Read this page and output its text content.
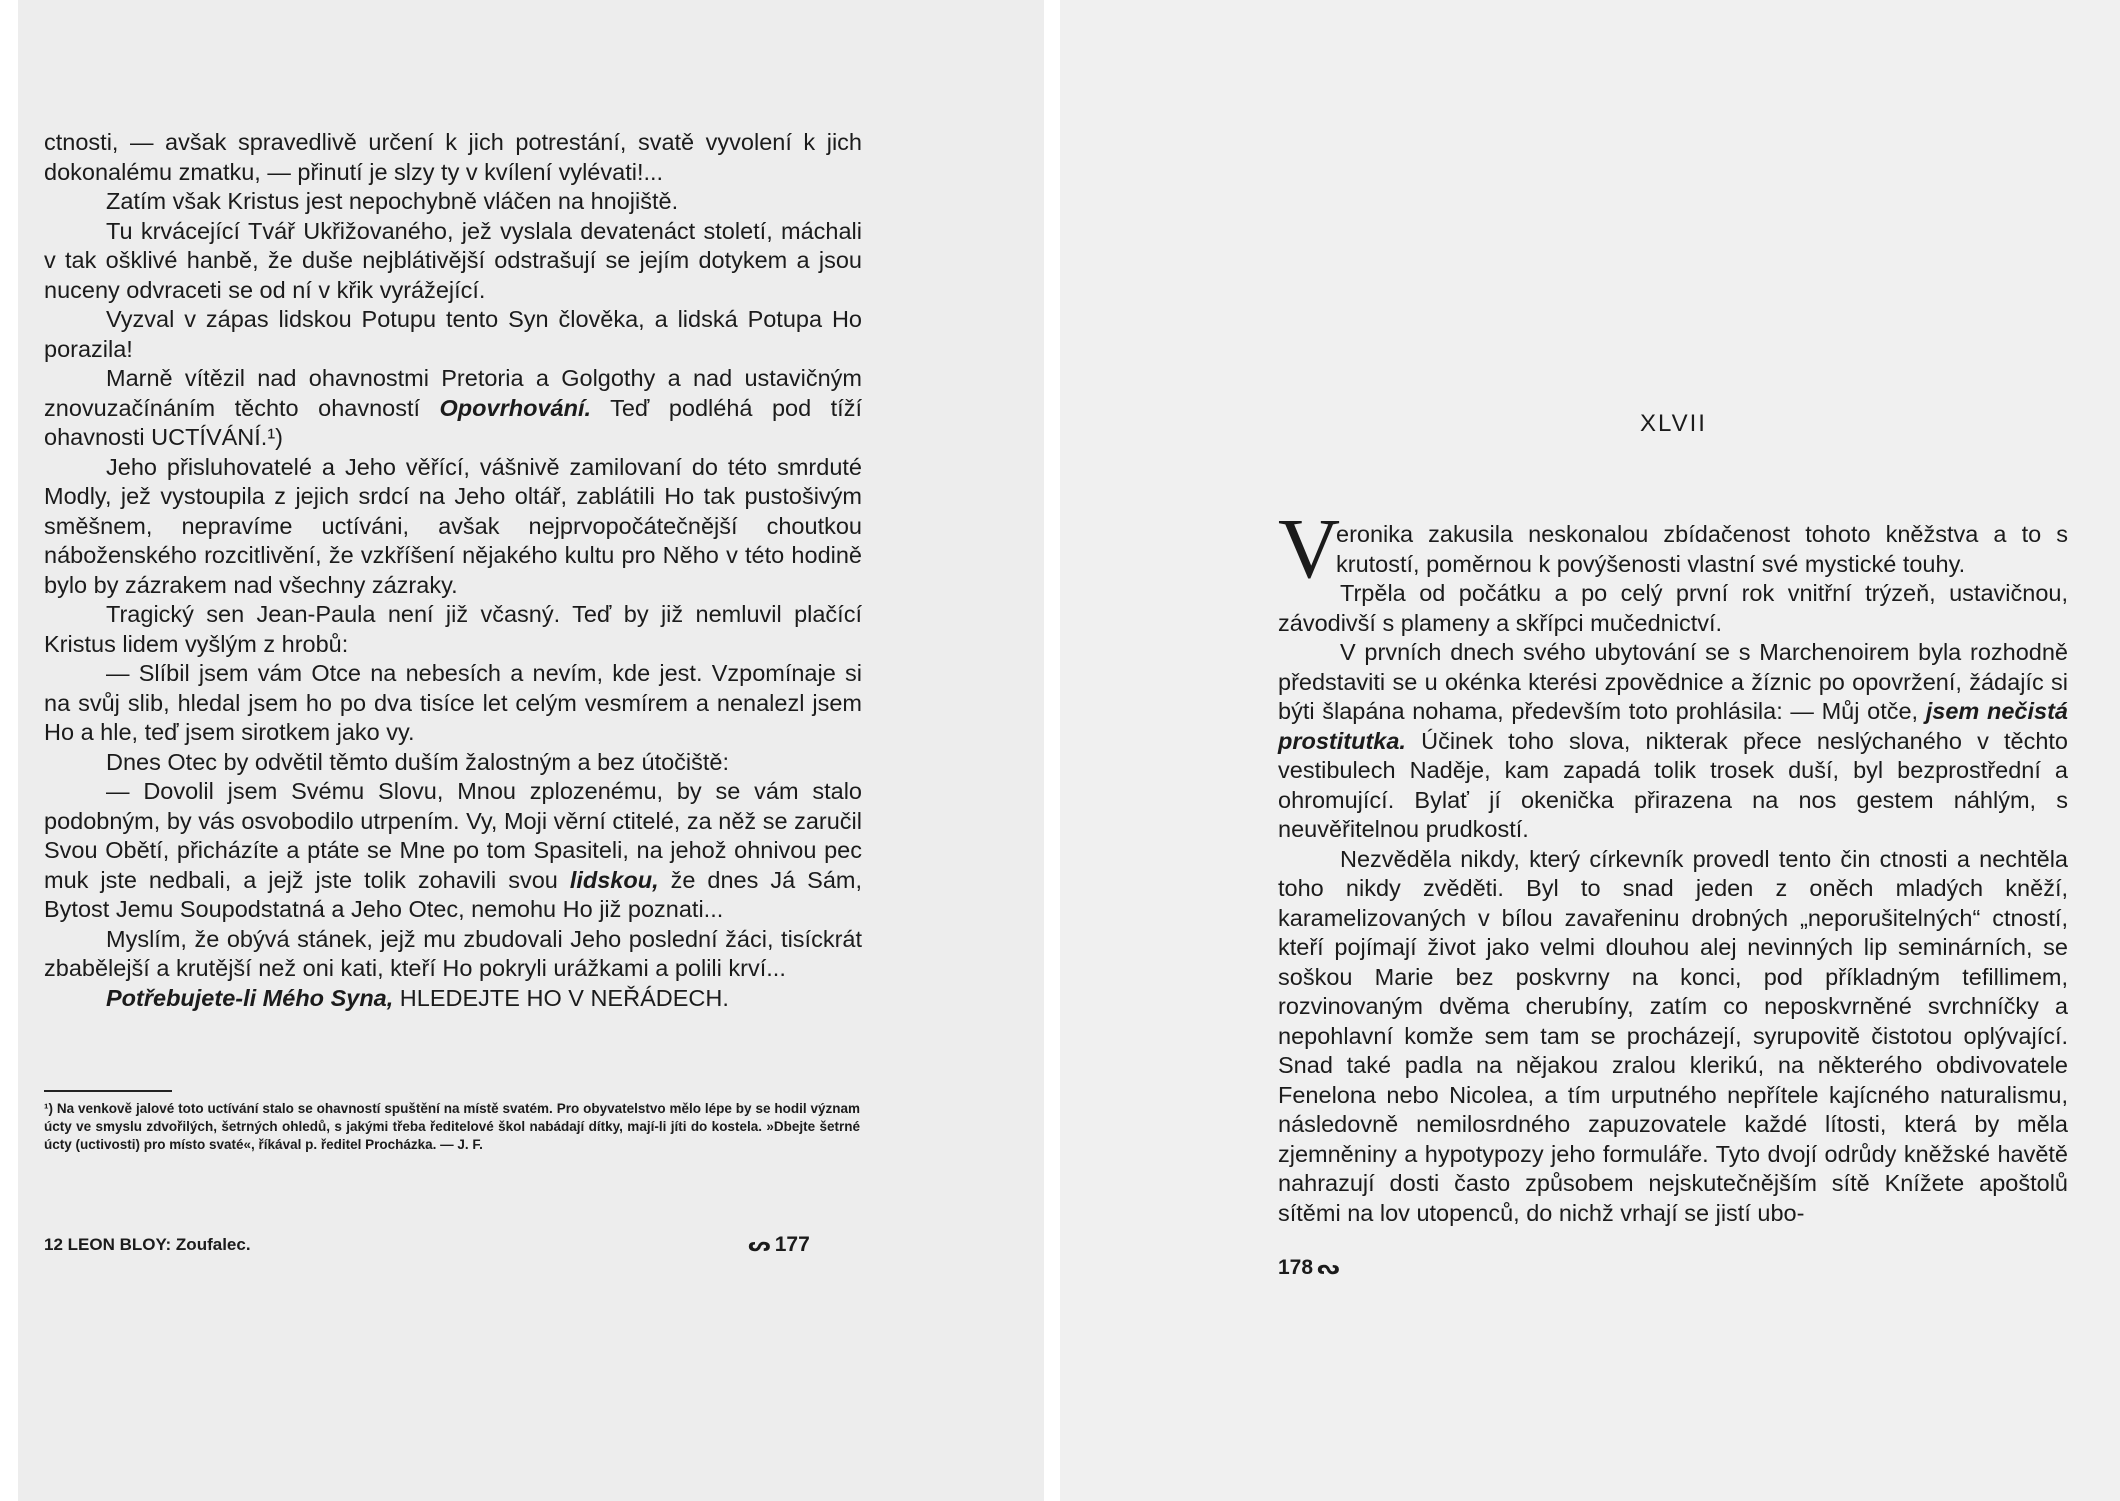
ctnosti, — avšak spravedlivě určení k jich potrestání, svatě vyvolení k jich dokonalému zmatku, — přinutí je slzy ty v kvílení vylévati!...

Zatím však Kristus jest nepochybně vláčen na hnojiště.

Tu krvácející Tvář Ukřižovaného, jež vyslala devatenáct století, máchali v tak ošklivé hanbě, že duše nejblátivější odstrašují se jejím dotykem a jsou nuceny odvraceti se od ní v křik vyrážející.

Vyzval v zápas lidskou Potupu tento Syn člověka, a lidská Potupa Ho porazila!

Marně vítězil nad ohavnostmi Pretoria a Golgothy a nad ustavičným znovuzačínáním těchto ohavností Opovrhování. Teď podléhá pod tíží ohavnosti UCTÍVÁNÍ.¹)

Jeho přisluhovatelé a Jeho věřící, vášnivě zamilovaní do této smrduté Modly, jež vystoupila z jejich srdcí na Jeho oltář, zablátili Ho tak pustošivým směšnem, nepravíme uctíváni, avšak nejprvopočátečnější choutkou náboženského rozcitlivění, že vzkříšení nějakého kultu pro Něho v této hodině bylo by zázrakem nad všechny zázraky.

Tragický sen Jean-Paula není již včasný. Teď by již nemluvil plačící Kristus lidem vyšlým z hrobů:

— Slíbil jsem vám Otce na nebesích a nevím, kde jest. Vzpomínaje si na svůj slib, hledal jsem ho po dva tisíce let celým vesmírem a nenalezl jsem Ho a hle, teď jsem sirotkem jako vy.

Dnes Otec by odvětil těmto duším žalostným a bez útočiště:

— Dovolil jsem Svému Slovu, Mnou zplozenému, by se vám stalo podobným, by vás osvobodilo utrpením. Vy, Moji věrní ctitelé, za něž se zaručil Svou Obětí, přicházíte a ptáte se Mne po tom Spasiteli, na jehož ohnivou pec muk jste nedbali, a jejž jste tolik zohavili svou lidskou, že dnes Já Sám, Bytost Jemu Soupodstatná a Jeho Otec, nemohu Ho již poznati...

Myslím, že obývá stánek, jejž mu zbudovali Jeho poslední žáci, tisíckrát zbabělejší a krutější než oni kati, kteří Ho pokryli urážkami a polili krví...

Potřebujete-li Mého Syna, HLEDEJTE HO V NEŘÁDECH.

¹) Na venkově jalové toto uctívání stalo se ohavností spuštění na místě svatém. Pro obyvatelstvo mělo lépe by se hodil význam úcty ve smyslu zdvořilých, šetrných ohledů, s jakými třeba ředitelové škol nabádají dítky, mají-li jíti do kostela. »Dbejte šetrné úcty (uctivosti) pro místo svaté«, říkával p. ředitel Procházka. — J. F.
12 LEON BLOY: Zoufalec.	ᔕ 177
XLVII
V

eronika zakusila neskonalou zbídačenost tohoto kněžstva a to s krutostí, poměrnou k povýšenosti vlastní své mystické touhy.

Trpěla od počátku a po celý první rok vnitřní trýzeň, ustavičnou, závodivší s plameny a skřípci mučednictví.

V prvních dnech svého ubytování se s Marchenoirem byla rozhodně představiti se u okénka kterési zpovědnice a žíznic po opovržení, žádajíc si býti šlapána nohama, především toto prohlásila: — Můj otče, jsem nečistá prostitutka. Účinek toho slova, nikterak přece neslýchaného v těchto vestibulech Naděje, kam zapadá tolik trosek duší, byl bezprostřední a ohromující. Bylať jí okenička přirazena na nos gestem náhlým, s neuvěřitelnou prudkostí.

Nezvěděla nikdy, který církevník provedl tento čin ctnosti a nechtěla toho nikdy zvěděti. Byl to snad jeden z oněch mladých kněží, karamelizovaných v bílou zavařeninu drobných „neporušitelných“ ctností, kteří pojímají život jako velmi dlouhou alej nevinných lip seminárních, se soškou Marie bez poskvrny na konci, pod příkladným tefillimem, rozvinovaným dvěma cherubíny, zatím co neposkvrněné svrchníčky a nepohlavní komže sem tam se procházejí, syrupovitě čistotou oplývající. Snad také padla na nějakou zralou klerikú, na některého obdivovatele Fenelona nebo Nicolea, a tím urputného nepřítele kajícného naturalismu, následovně nemilosrdného zapuzovatele každé lítosti, která by měla zjemněniny a hypotypozy jeho formuláře. Tyto dvojí odrůdy kněžské havětě nahrazují dosti často způsobem nejskutečnějším sítě Knížete apoštolů sítěmi na lov utopenců, do nichž vrhají se jistí ubo-

178 ᔓ
